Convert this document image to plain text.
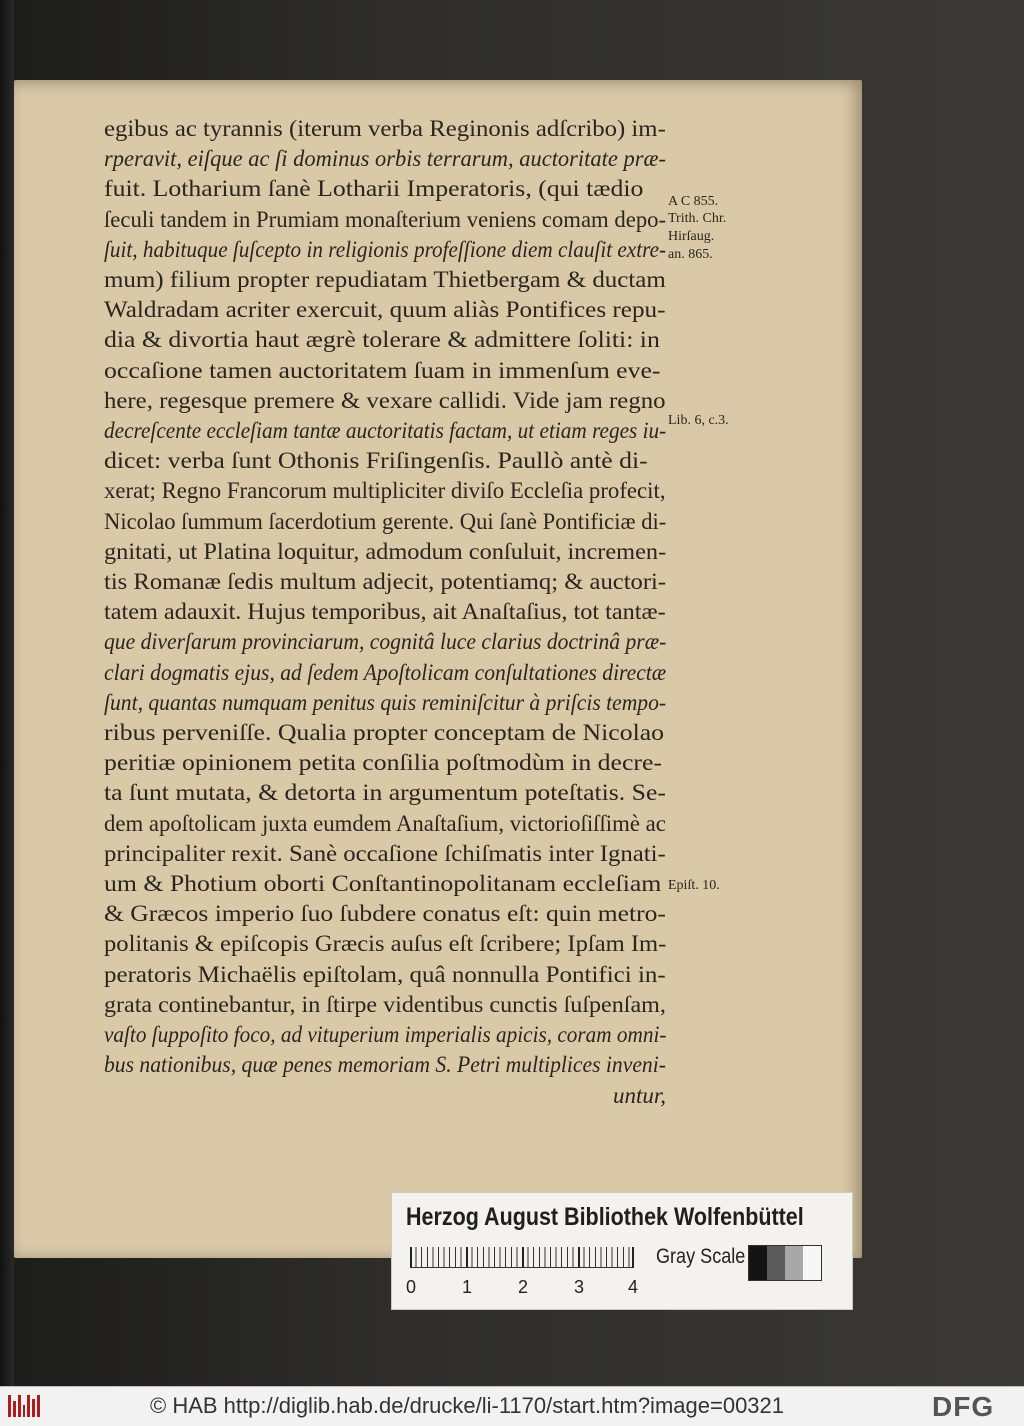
egibus ac tyrannis (iterum verba Reginonis adſcribo) im-
rperavit, eiſque ac ſi dominus orbis terrarum, auctoritate præ-
fuit. Lotharium ſanè Lotharii Imperatoris, (qui tædio
ſeculi tandem in Prumiam monaſterium veniens comam depo-
ſuit, habituque ſuſcepto in religionis profeſſione diem clauſit extre-
mum) filium propter repudiatam Thietbergam & ductam
Waldradam acriter exercuit, quum aliàs Pontifices repu-
dia & divortia haut ægrè tolerare & admittere ſoliti: in
occaſione tamen auctoritatem ſuam in immenſum eve-
here, regesque premere & vexare callidi. Vide jam regno
decreſcente eccleſiam tantæ auctoritatis factam, ut etiam reges iu-
dicet: verba ſunt Othonis Friſingenſis. Paullò antè di-
xerat; Regno Francorum multipliciter diviſo Eccleſia profecit,
Nicolao ſummum ſacerdotium gerente. Qui ſanè Pontificiæ di-
gnitati, ut Platina loquitur, admodum conſuluit, incremen-
tis Romanæ ſedis multum adjecit, potentiamq; & auctori-
tatem adauxit. Hujus temporibus, ait Anaſtaſius, tot tantæ-
que diverſarum provinciarum, cognitâ luce clarius doctrinâ præ-
clari dogmatis ejus, ad ſedem Apoſtolicam conſultationes directæ
ſunt, quantas numquam penitus quis reminiſcitur à priſcis tempo-
ribus perveniſſe. Qualia propter conceptam de Nicolao
peritiæ opinionem petita conſilia poſtmodùm in decre-
ta ſunt mutata, & detorta in argumentum poteſtatis. Se-
dem apoſtolicam juxta eumdem Anaſtaſium, victorioſiſſimè ac
principaliter rexit. Sanè occaſione ſchiſmatis inter Ignati-
um & Photium oborti Conſtantinopolitanam eccleſiam
& Græcos imperio ſuo ſubdere conatus eſt: quin metro-
politanis & epiſcopis Græcis auſus eſt ſcribere; Ipſam Im-
peratoris Michaëlis epiſtolam, quâ nonnulla Pontifici in-
grata continebantur, in ſtirpe videntibus cunctis ſuſpenſam,
vaſto ſuppoſito foco, ad vituperium imperialis apicis, coram omni-
bus nationibus, quæ penes memoriam S. Petri multiplices inveni-
untur,
A C 855.
Trith. Chr.
Hirſaug.
an. 865.
Lib. 6, c.3.
Epiſt. 10.
Herzog August Bibliothek Wolfenbüttel
0	1	2	3 4
Gray Scale
© HAB http://diglib.hab.de/drucke/li-1170/start.htm?image=00321	DFG
